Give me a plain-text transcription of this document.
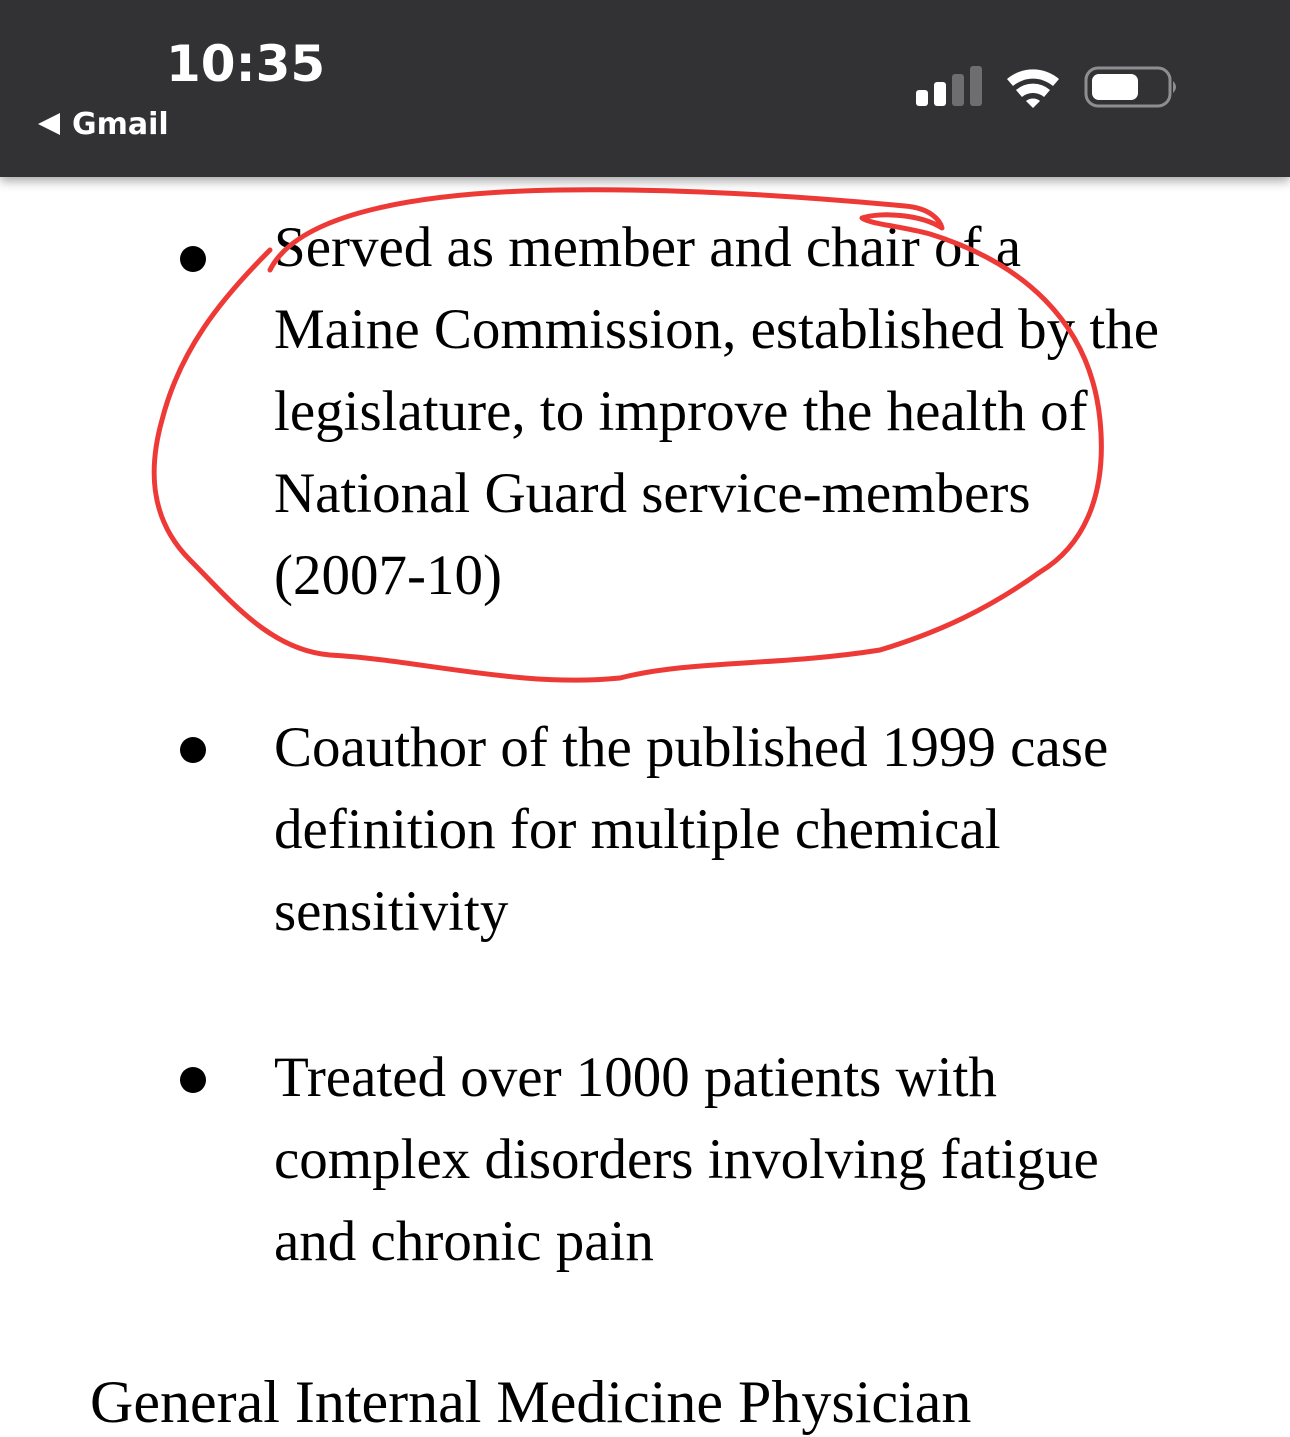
10:35
Gmail

Served as member and chair of a
Maine Commission, established by the
legislature, to improve the health of
National Guard service-members
(2007-10)

Coauthor of the published 1999 case
definition for multiple chemical
sensitivity

Treated over 1000 patients with
complex disorders involving fatigue
and chronic pain

General Internal Medicine Physician
